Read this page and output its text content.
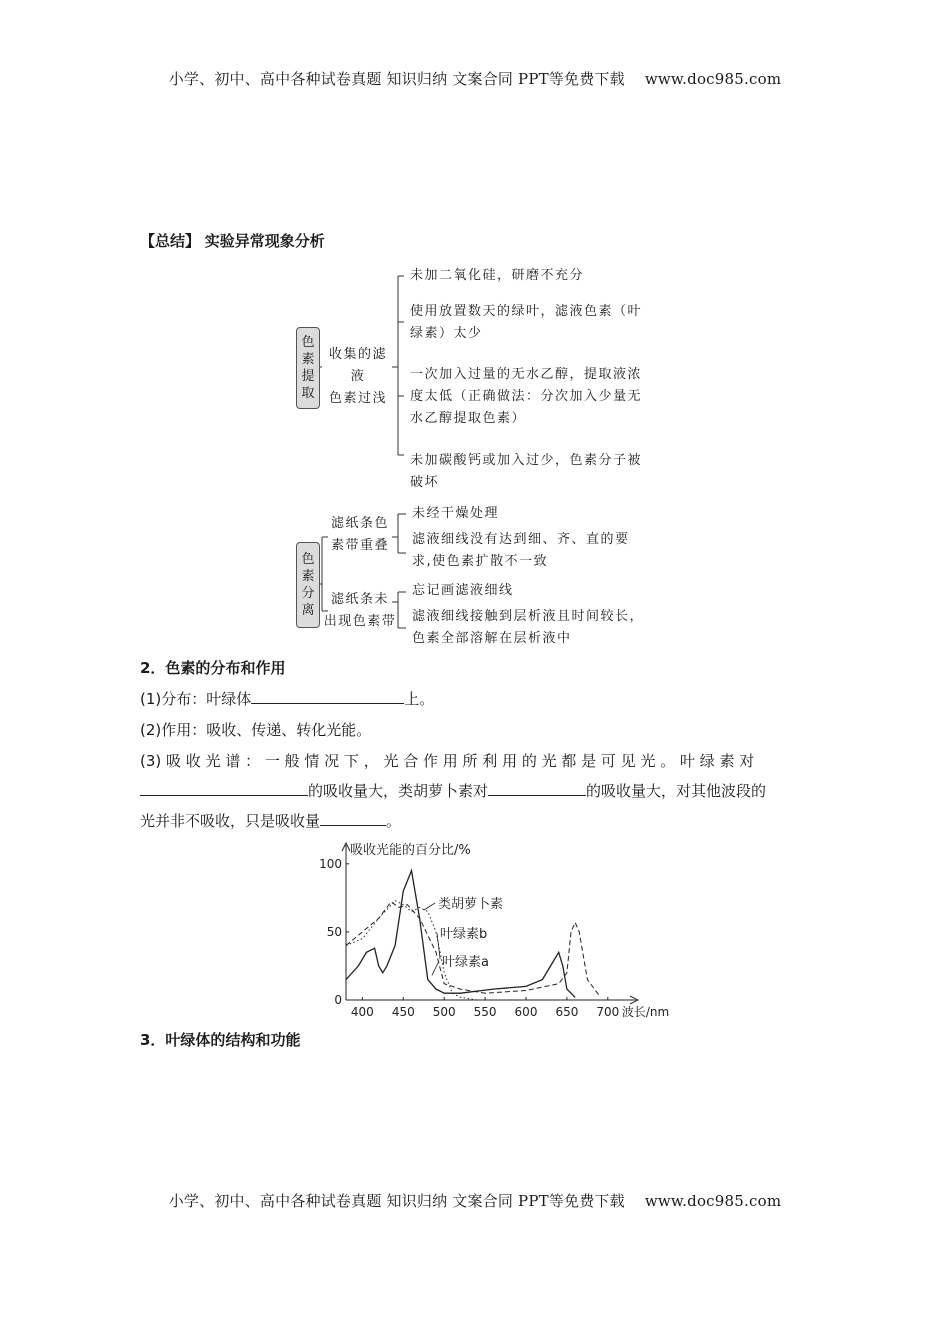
小学、初中、高中各种试卷真题 知识归纳 文案合同 PPT等免费下载 www.doc985.com
【总结】 实验异常现象分析
色
素
提
取
收集的滤液
色素过浅
未加二氧化硅，研磨不充分
使用放置数天的绿叶，滤液色素（叶
绿素）太少
一次加入过量的无水乙醇，提取液浓
度太低（正确做法：分次加入少量无
水乙醇提取色素）
未加碳酸钙或加入过少，色素分子被
破坏
色
素
分
离
滤纸条色
素带重叠
滤纸条未
出现色素带
未经干燥处理
滤液细线没有达到细、齐、直的要
求,使色素扩散不一致
忘记画滤液细线
滤液细线接触到层析液且时间较长，
色素全部溶解在层析液中
2．色素的分布和作用
(1)分布：叶绿体	上。
(2)作用：吸收、传递、转化光能。
(3) 吸 收 光 谱 ： 一 般 情 况 下 ， 光 合 作 用 所 利 用 的 光 都 是 可 见 光 。 叶 绿 素 对
的吸收量大，类胡萝卜素对	的吸收量大，对其他波段的
光并非不吸收，只是吸收量	。
吸收光能的百分比/%
400 450 500 550 600 650 700 波长/nm
0
50
100
类胡萝卜素
叶绿素b
叶绿素a
3．叶绿体的结构和功能
小学、初中、高中各种试卷真题 知识归纳 文案合同 PPT等免费下载 www.doc985.com
